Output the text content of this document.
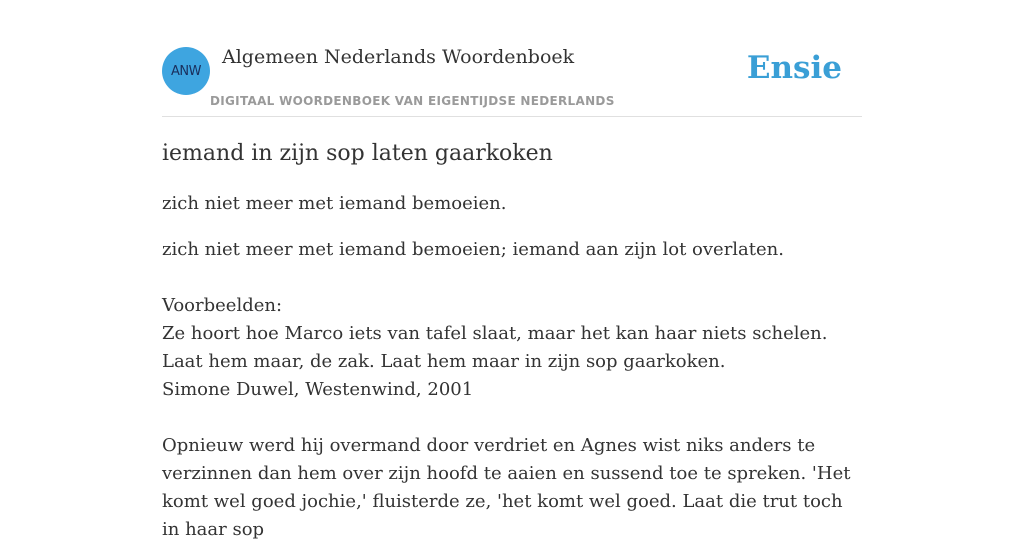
ANW
Algemeen Nederlands Woordenboek
DIGITAAL WOORDENBOEK VAN EIGENTIJDSE NEDERLANDS
Ensie
iemand in zijn sop laten gaarkoken

zich niet meer met iemand bemoeien.

zich niet meer met iemand bemoeien; iemand aan zijn lot overlaten.

Voorbeelden:
Ze hoort hoe Marco iets van tafel slaat, maar het kan haar niets schelen. Laat hem maar, de zak. Laat hem maar in zijn sop gaarkoken.
Simone Duwel, Westenwind, 2001
Opnieuw werd hij overmand door verdriet en Agnes wist niks anders te verzinnen dan hem over zijn hoofd te aaien en sussend toe te spreken. 'Het komt wel goed jochie,' fluisterde ze, 'het komt wel goed. Laat die trut toch in haar sop
